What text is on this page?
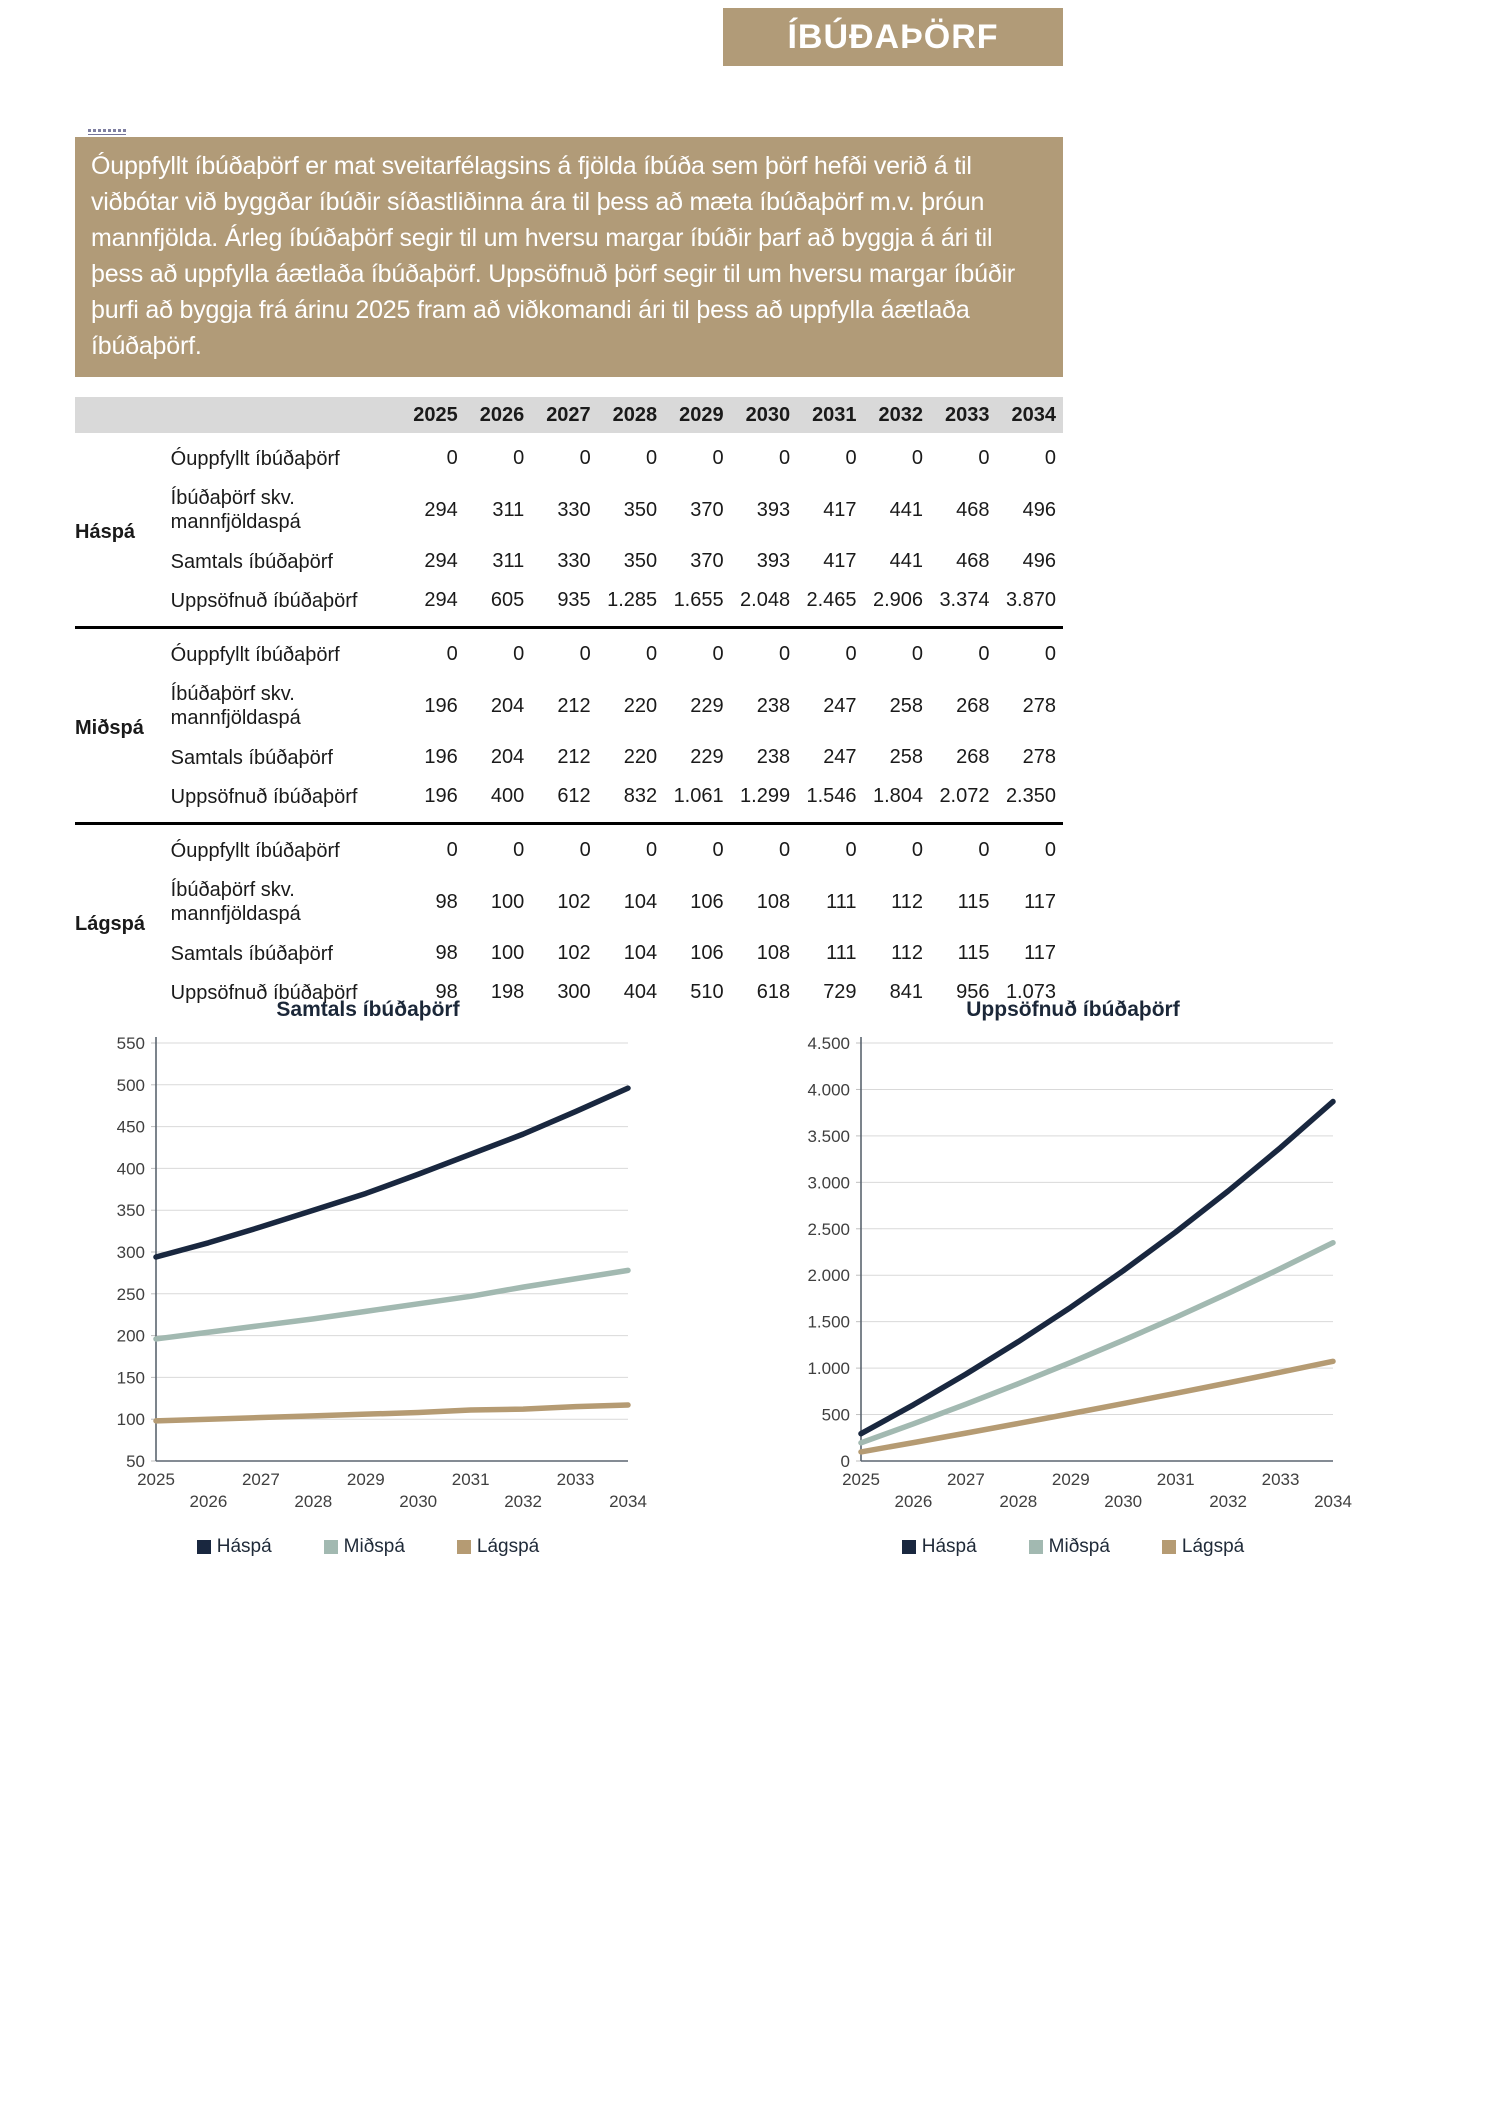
ÍBÚÐAÞÖRF
Óuppfyllt íbúðaþörf er mat sveitarfélagsins á fjölda íbúða sem þörf hefði verið á til viðbótar við byggðar íbúðir síðastliðinna ára til þess að mæta íbúðaþörf m.v. þróun mannfjölda. Árleg íbúðaþörf segir til um hversu margar íbúðir þarf að byggja á ári til þess að uppfylla áætlaða íbúðaþörf. Uppsöfnuð þörf segir til um hversu margar íbúðir þurfi að byggja frá árinu 2025 fram að viðkomandi ári til þess að uppfylla áætlaða íbúðaþörf.
		2025	2026	2027	2028	2029	2030	2031	2032	2033	2034
Háspá	Óuppfyllt íbúðaþörf	0	0	0	0	0	0	0	0	0	0
	Íbúðaþörf skv. mannfjöldaspá	294	311	330	350	370	393	417	441	468	496
	Samtals íbúðaþörf	294	311	330	350	370	393	417	441	468	496
	Uppsöfnuð íbúðaþörf	294	605	935	1.285	1.655	2.048	2.465	2.906	3.374	3.870
Miðspá	Óuppfyllt íbúðaþörf	0	0	0	0	0	0	0	0	0	0
	Íbúðaþörf skv. mannfjöldaspá	196	204	212	220	229	238	247	258	268	278
	Samtals íbúðaþörf	196	204	212	220	229	238	247	258	268	278
	Uppsöfnuð íbúðaþörf	196	400	612	832	1.061	1.299	1.546	1.804	2.072	2.350
Lágspá	Óuppfyllt íbúðaþörf	0	0	0	0	0	0	0	0	0	0
	Íbúðaþörf skv. mannfjöldaspá	98	100	102	104	106	108	111	112	115	117
	Samtals íbúðaþörf	98	100	102	104	106	108	111	112	115	117
	Uppsöfnuð íbúðaþörf	98	198	300	404	510	618	729	841	956	1.073
Samtals íbúðaþörf
50
100
150
200
250
300
350
400
450
500
550
2025
2026
2027
2028
2029
2030
2031
2032
2033
2034
Háspá	Miðspá	Lágspá
Uppsöfnuð íbúðaþörf
0
500
1.000
1.500
2.000
2.500
3.000
3.500
4.000
4.500
2025
2026
2027
2028
2029
2030
2031
2032
2033
2034
Háspá	Miðspá	Lágspá
